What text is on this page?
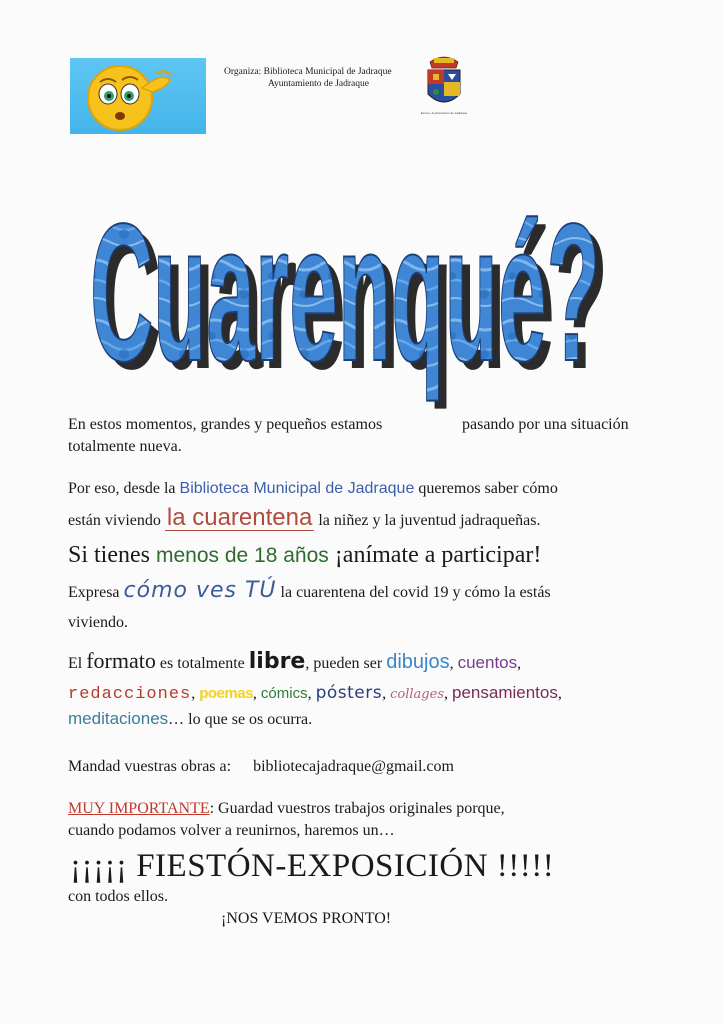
Organiza: Biblioteca Municipal de Jadraque
Ayuntamiento de Jadraque
Excmo. Ayuntamiento de Jadraque
Cuarenqué?
Cuarenqué?
En estos momentos, grandes y pequeños estamos	pasando por una situación
totalmente nueva.
Por eso, desde la Biblioteca Municipal de Jadraque queremos saber cómo
están viviendo la cuarentena la niñez y la juventud jadraqueñas.
Si tienes menos de 18 años ¡anímate a participar!
Expresa cómo ves TÚ la cuarentena del covid 19 y cómo la estás
viviendo.
El formato es totalmente libre, pueden ser dibujos, cuentos,
redacciones, poemas, cómics, pósters, collages, pensamientos,
meditaciones… lo que se os ocurra.
Mandad vuestras obras a: bibliotecajadraque@gmail.com
MUY IMPORTANTE: Guardad vuestros trabajos originales porque,
cuando podamos volver a reunirnos, haremos un…
¡¡¡¡¡ FIESTÓN-EXPOSICIÓN !!!!!
con todos ellos.
¡NOS VEMOS PRONTO!
